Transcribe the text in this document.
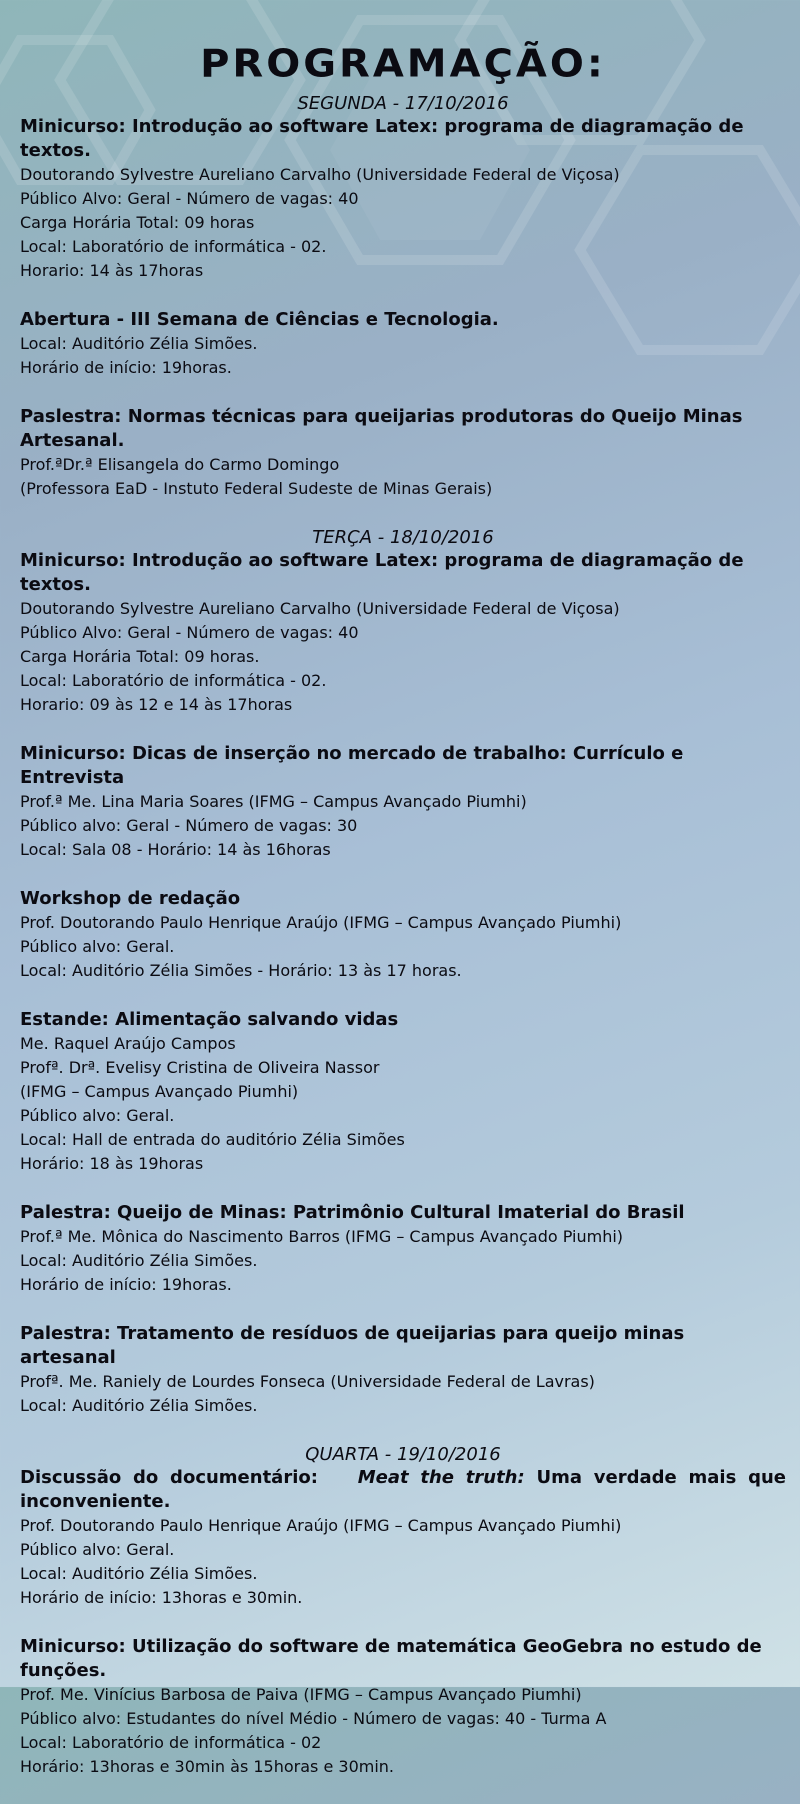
PROGRAMAÇÃO:
SEGUNDA - 17/10/2016
Minicurso: Introdução ao software Latex: programa de diagramação de textos.
Doutorando Sylvestre Aureliano Carvalho (Universidade Federal de Viçosa)
Público Alvo: Geral - Número de vagas: 40
Carga Horária Total: 09 horas
Local: Laboratório de informática - 02.
Horario: 14 às 17horas
Abertura - III Semana de Ciências e Tecnologia.
Local: Auditório Zélia Simões.
Horário de início: 19horas.
Paslestra: Normas técnicas para queijarias produtoras do Queijo Minas Artesanal.
Prof.ªDr.ª Elisangela do Carmo Domingo
(Professora EaD - Instuto Federal Sudeste de Minas Gerais)
TERÇA - 18/10/2016
Minicurso: Introdução ao software Latex: programa de diagramação de textos.
Doutorando Sylvestre Aureliano Carvalho (Universidade Federal de Viçosa)
Público Alvo: Geral - Número de vagas: 40
Carga Horária Total: 09 horas.
Local: Laboratório de informática - 02.
Horario: 09 às 12 e 14 às 17horas
Minicurso: Dicas de inserção no mercado de trabalho: Currículo e Entrevista
Prof.ª Me. Lina Maria Soares (IFMG – Campus Avançado Piumhi)
Público alvo: Geral - Número de vagas: 30
Local: Sala 08 - Horário: 14 às 16horas
Workshop de redação
Prof. Doutorando Paulo Henrique Araújo (IFMG – Campus Avançado Piumhi)
Público alvo: Geral.
Local: Auditório Zélia Simões - Horário: 13 às 17 horas.
Estande: Alimentação salvando vidas
Me. Raquel Araújo Campos
Profª. Drª. Evelisy Cristina de Oliveira Nassor
(IFMG – Campus Avançado Piumhi)
Público alvo: Geral.
Local: Hall de entrada do auditório Zélia Simões
Horário: 18 às 19horas
Palestra: Queijo de Minas: Patrimônio Cultural Imaterial do Brasil
Prof.ª Me. Mônica do Nascimento Barros (IFMG – Campus Avançado Piumhi)
Local: Auditório Zélia Simões.
Horário de início: 19horas.
Palestra: Tratamento de resíduos de queijarias para queijo minas artesanal
Profª. Me. Raniely de Lourdes Fonseca (Universidade Federal de Lavras)
Local: Auditório Zélia Simões.
QUARTA - 19/10/2016
Discussão do documentário: Meat the truth: Uma verdade mais que inconveniente.
Prof. Doutorando Paulo Henrique Araújo (IFMG – Campus Avançado Piumhi)
Público alvo: Geral.
Local: Auditório Zélia Simões.
Horário de início: 13horas e 30min.
Minicurso: Utilização do software de matemática GeoGebra no estudo de funções.
Prof. Me. Vinícius Barbosa de Paiva (IFMG – Campus Avançado Piumhi)
Público alvo: Estudantes do nível Médio - Número de vagas: 40 - Turma A
Local: Laboratório de informática - 02
Horário: 13horas e 30min às 15horas e 30min.
